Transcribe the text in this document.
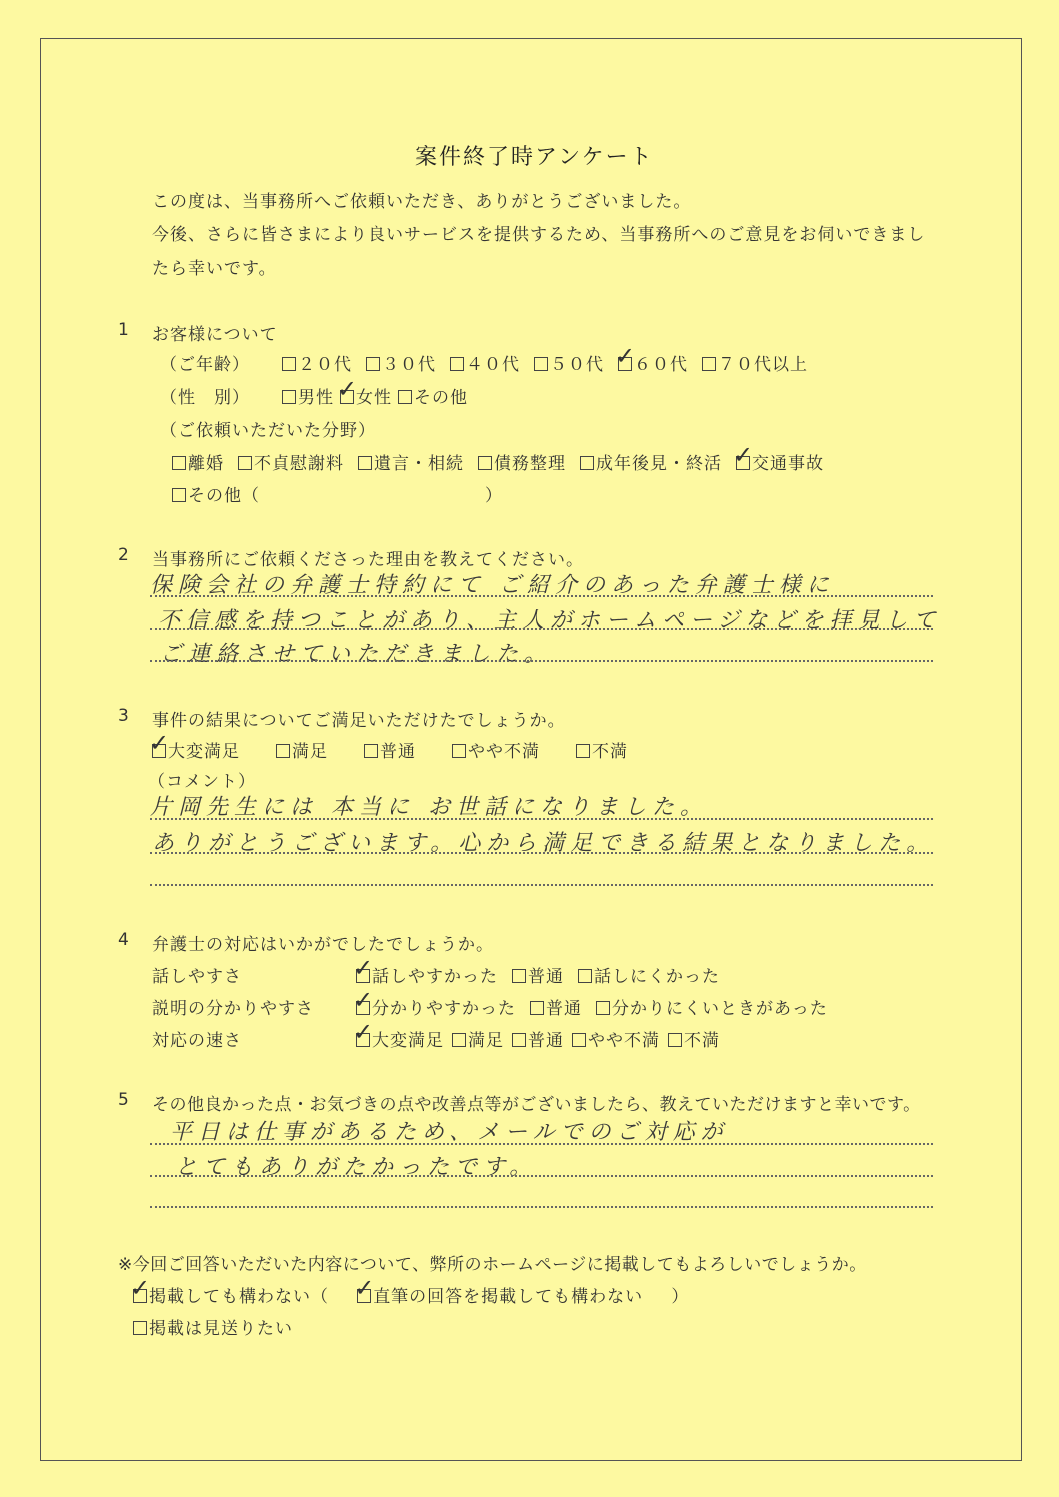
案件終了時アンケート
この度は、当事務所へご依頼いただき、ありがとうございました。
今後、さらに皆さまにより良いサービスを提供するため、当事務所へのご意見をお伺いできまし
たら幸いです。
1 お客様について
（ご年齢）	２０代 ３０代 ４０代 ５０代 ✓ ６０代 ７０代以上
（性　別）	男性 ✓ 女性 その他
（ご依頼いただいた分野）
離婚 不貞慰謝料 遺言・相続 債務整理 成年後見・終活 ✓ 交通事故
その他（	）
2 当事務所にご依頼くださった理由を教えてください。
保険会社の弁護士特約にて ご紹介のあった弁護士様に
不信感を持つことがあり、主人がホームページなどを拝見して
ご連絡させていただきました。
3 事件の結果についてご満足いただけたでしょうか。
✓大変満足	満足	普通	やや不満	不満
（コメント）
片岡先生には 本当に お世話になりました。
ありがとうございます。心から満足できる結果となりました。
4 弁護士の対応はいかがでしたでしょうか。
話しやすさ ✓	話しやすかった 普通 話しにくかった
説明の分かりやすさ ✓	分かりやすかった 普通 分かりにくいときがあった
対応の速さ ✓	大変満足 満足 普通 やや不満 不満
5 その他良かった点・お気づきの点や改善点等がございましたら、教えていただけますと幸いです。
平日は仕事があるため、メールでのご対応が
とてもありがたかったです。
※今回ご回答いただいた内容について、弊所のホームページに掲載してもよろしいでしょうか。
✓掲載しても構わない（ ✓	直筆の回答を掲載しても構わない ）
掲載は見送りたい
